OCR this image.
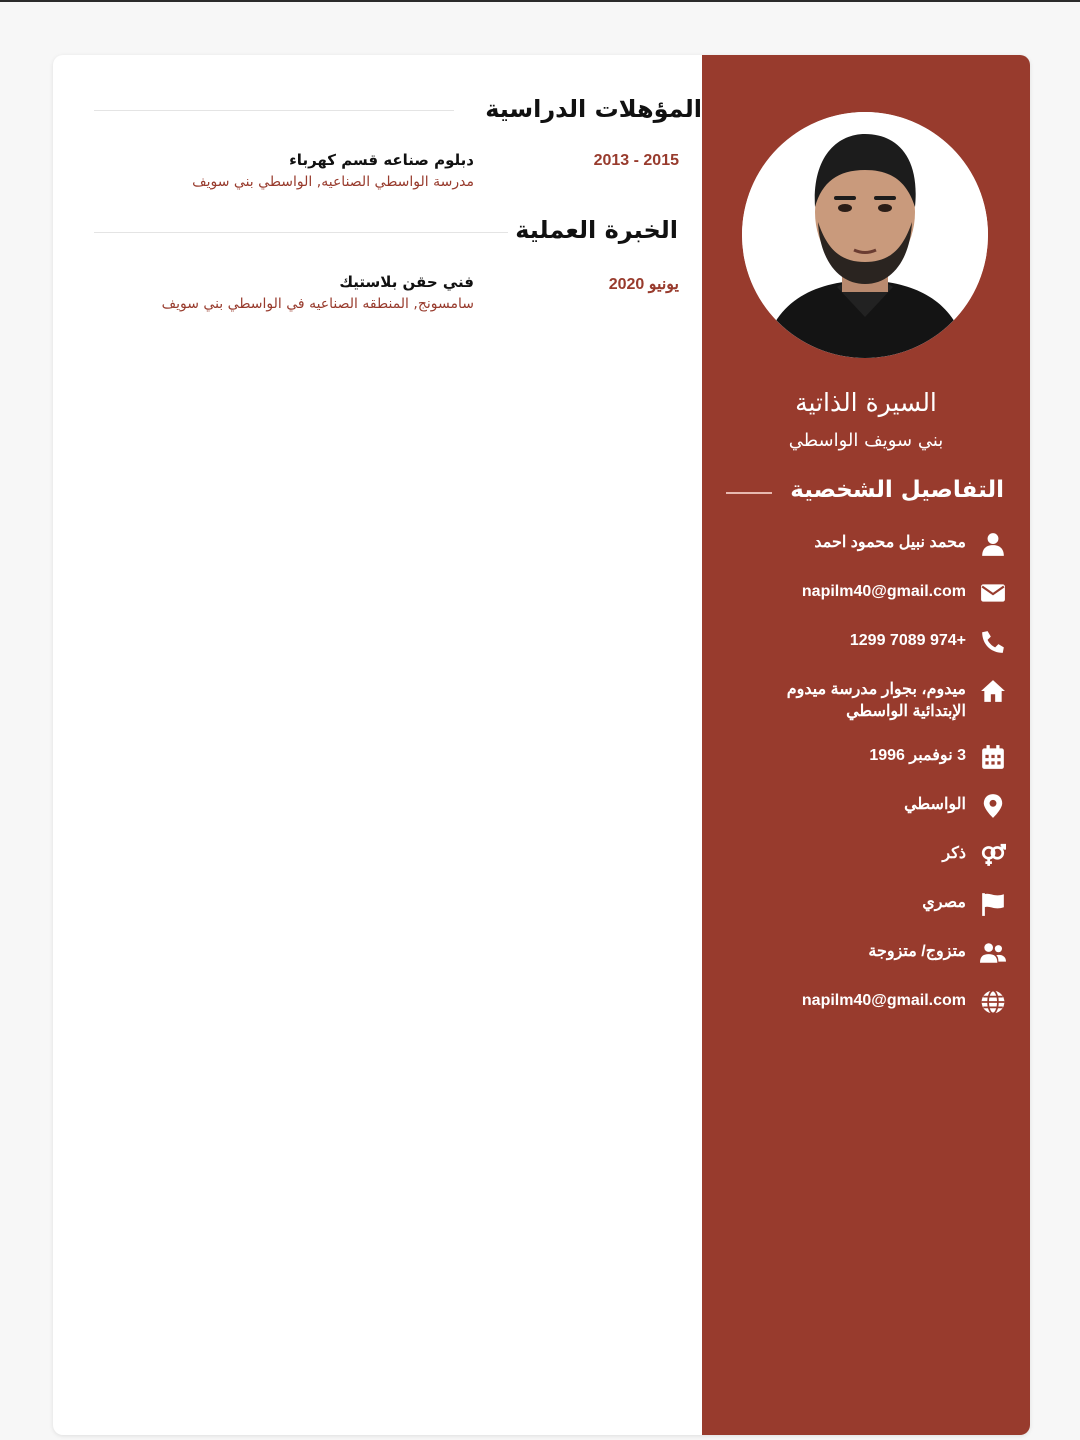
المؤهلات الدراسية
2013 - 2015
دبلوم صناعه قسم كهرباء
مدرسة الواسطي الصناعيه, الواسطي بني سويف
الخبرة العملية
يونيو 2020
فني حقن بلاستيك
سامسونج, المنطقه الصناعيه في الواسطي بني سويف
السيرة الذاتية
بني سويف الواسطي
التفاصيل الشخصية
محمد نبيل محمود احمد
napilm40@gmail.com
1299 7089 974+
ميدوم، بجوار مدرسة ميدوم الإبتدائية الواسطي
3 نوفمبر 1996
الواسطي
ذكر
مصري
متزوج/ متزوجة
napilm40@gmail.com
